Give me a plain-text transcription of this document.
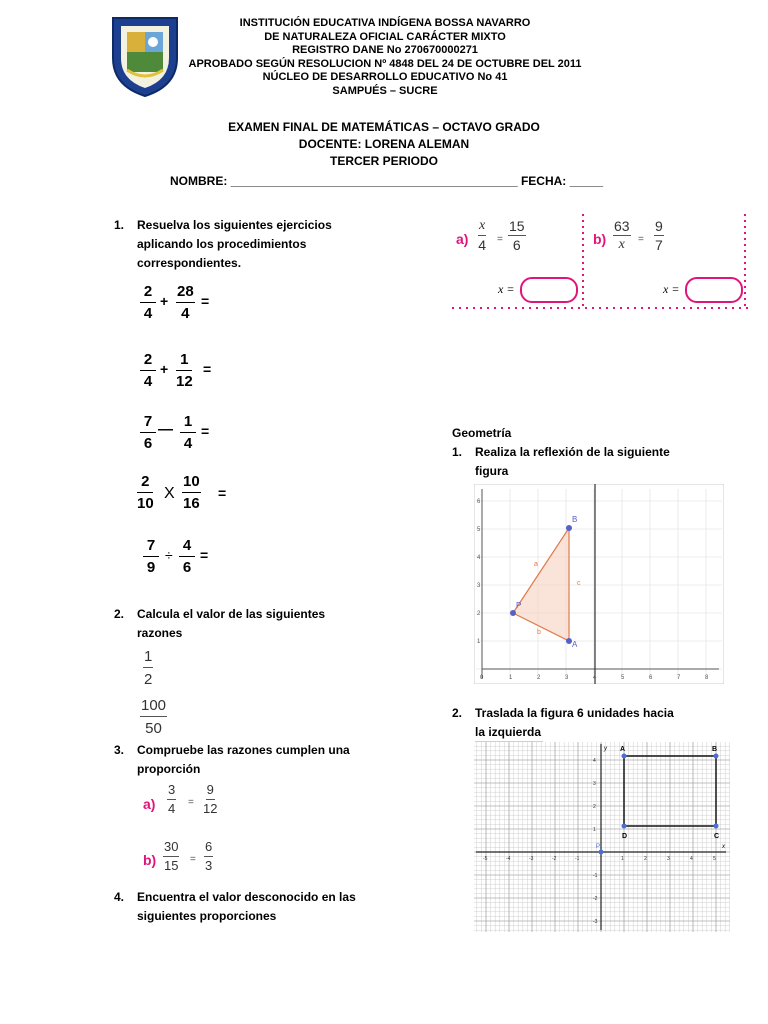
INSTITUCIÓN EDUCATIVA INDÍGENA BOSSA NAVARRO
DE NATURALEZA OFICIAL CARÁCTER MIXTO
REGISTRO DANE No 270670000271
APROBADO SEGÚN RESOLUCION Nº 4848 DEL 24 DE OCTUBRE DEL 2011
NÚCLEO DE DESARROLLO EDUCATIVO No 41
SAMPUÉS – SUCRE
EXAMEN FINAL DE MATEMÁTICAS – OCTAVO GRADO
DOCENTE: LORENA ALEMAN
TERCER PERIODO
NOMBRE: ___________________________________________ FECHA: _____
1. Resuelva los siguientes ejercicios
aplicando los procedimientos
correspondientes.
$\frac{2}{4} + \frac{28}{4}$ =
$\frac{2}{4} + \frac{1}{12}$ =
$\frac{7}{6}$ — $\frac{1}{4}$ =
$\frac{2}{10}$ X $\frac{10}{16}$ =
$\frac{7}{9} \div \frac{4}{6}$ =
2. Calcula el valor de las siguientes
razones
1
2
100
50
3. Compruebe las razones cumplen una
proporción
a)
3
4 =
9
12
b)
30
15 =
6
3
4. Encuentra el valor desconocido en las
siguientes proporciones
a)
x
4 =
15
6
x =
b)
63
x =
9
7
x =
Geometría
1. Realiza la reflexión de la siguiente
figura
0	1	2	3	4	5	6	7	8
1
2
3
4
5
6
B
A
P
a
b
c
2. Traslada la figura 6 unidades hacia
la izquierda
-5	-4	-3	-2	-1	1	2	3	4	5
4
3
2
1
-1
-2
-3
A	B
C
D
P	x
y
